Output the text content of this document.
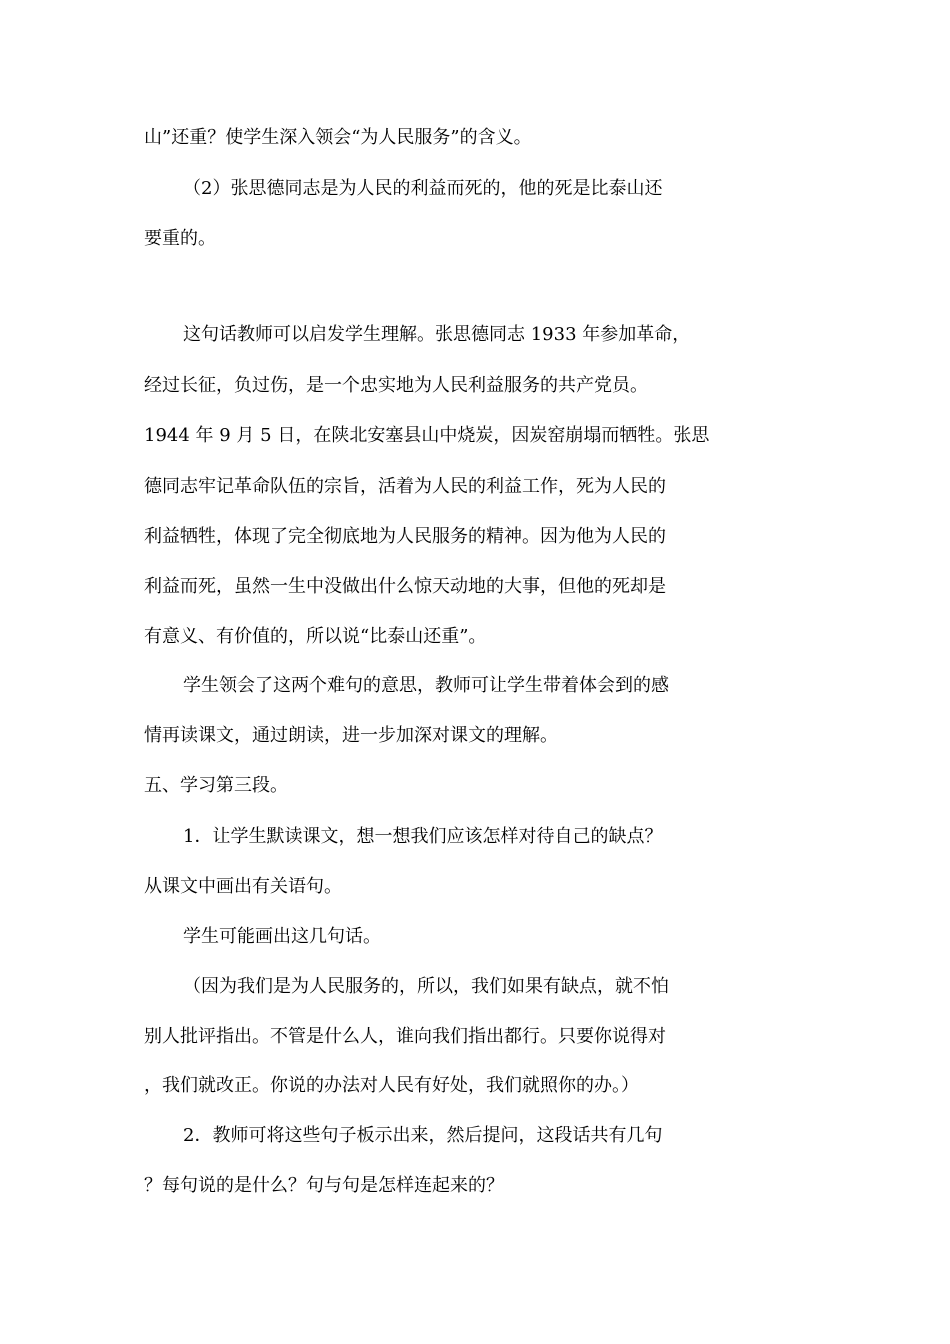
山”还重？使学生深入领会“为人民服务”的含义。
（2）张思德同志是为人民的利益而死的，他的死是比泰山还
要重的。
这句话教师可以启发学生理解。张思德同志 1933 年参加革命，
经过长征，负过伤，是一个忠实地为人民利益服务的共产党员。
1944 年 9 月 5 日，在陕北安塞县山中烧炭，因炭窑崩塌而牺牲。张思
德同志牢记革命队伍的宗旨，活着为人民的利益工作，死为人民的
利益牺牲，体现了完全彻底地为人民服务的精神。因为他为人民的
利益而死，虽然一生中没做出什么惊天动地的大事，但他的死却是
有意义、有价值的，所以说“比泰山还重”。
学生领会了这两个难句的意思，教师可让学生带着体会到的感
情再读课文，通过朗读，进一步加深对课文的理解。
五、学习第三段。
1．让学生默读课文，想一想我们应该怎样对待自己的缺点？
从课文中画出有关语句。
学生可能画出这几句话。
（因为我们是为人民服务的，所以，我们如果有缺点，就不怕
别人批评指出。不管是什么人，谁向我们指出都行。只要你说得对
，我们就改正。你说的办法对人民有好处，我们就照你的办。）
2．教师可将这些句子板示出来，然后提问，这段话共有几句
？每句说的是什么？句与句是怎样连起来的？
